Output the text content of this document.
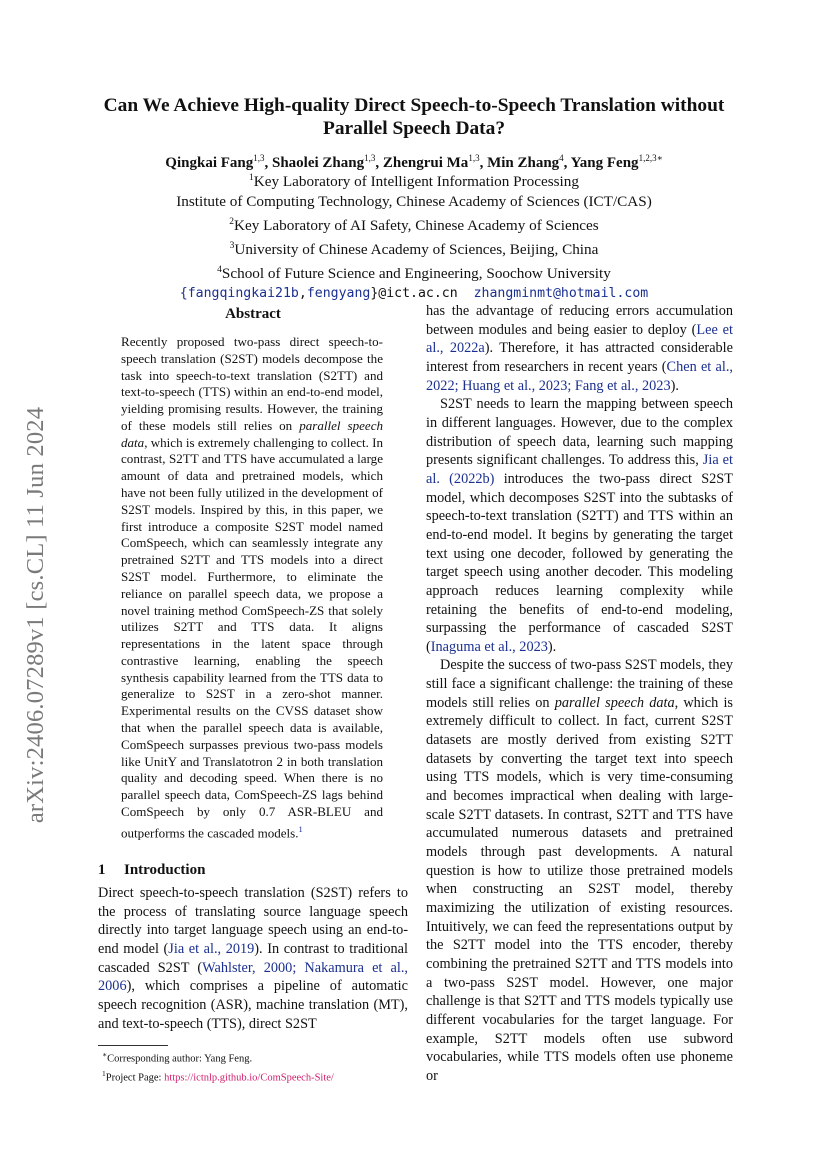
arXiv:2406.07289v1 [cs.CL] 11 Jun 2024
Can We Achieve High-quality Direct Speech-to-Speech Translation without
Parallel Speech Data?
Qingkai Fang$^{1,3}$, Shaolei Zhang$^{1,3}$, Zhengrui Ma$^{1,3}$, Min Zhang$^4$, Yang Feng$^{1,2,3∗}$
$^1$Key Laboratory of Intelligent Information Processing
Institute of Computing Technology, Chinese Academy of Sciences (ICT/CAS)
$^2$Key Laboratory of AI Safety, Chinese Academy of Sciences
$^3$University of Chinese Academy of Sciences, Beijing, China
$^4$School of Future Science and Engineering, Soochow University
{fangqingkai21b,fengyang}@ict.ac.cn zhangminmt@hotmail.com
Abstract

Recently proposed two-pass direct speech-to-speech translation (S2ST) models decompose the task into speech-to-text translation (S2TT) and text-to-speech (TTS) within an end-to-end model, yielding promising results. However, the training of these models still relies on parallel speech data, which is extremely challenging to collect. In contrast, S2TT and TTS have accumulated a large amount of data and pretrained models, which have not been fully utilized in the development of S2ST models. Inspired by this, in this paper, we first introduce a composite S2ST model named ComSpeech, which can seamlessly integrate any pretrained S2TT and TTS models into a direct S2ST model. Furthermore, to eliminate the reliance on parallel speech data, we propose a novel training method ComSpeech-ZS that solely utilizes S2TT and TTS data. It aligns representations in the latent space through contrastive learning, enabling the speech synthesis capability learned from the TTS data to generalize to S2ST in a zero-shot manner. Experimental results on the CVSS dataset show that when the parallel speech data is available, ComSpeech surpasses previous two-pass models like UnitY and Translatotron 2 in both translation quality and decoding speed. When there is no parallel speech data, ComSpeech-ZS lags behind ComSpeech by only 0.7 ASR-BLEU and outperforms the cascaded models.$^1$

1 Introduction

Direct speech-to-speech translation (S2ST) refers to the process of translating source language speech directly into target language speech using an end-to-end model (Jia et al., 2019). In contrast to traditional cascaded S2ST (Wahlster, 2000; Nakamura et al., 2006), which comprises a pipeline of automatic speech recognition (ASR), machine translation (MT), and text-to-speech (TTS), direct S2ST

∗Corresponding author: Yang Feng.

$^1$Project Page: https://ictnlp.github.io/ComSpeech-Site/

has the advantage of reducing errors accumulation between modules and being easier to deploy (Lee et al., 2022a). Therefore, it has attracted considerable interest from researchers in recent years (Chen et al., 2022; Huang et al., 2023; Fang et al., 2023).

S2ST needs to learn the mapping between speech in different languages. However, due to the complex distribution of speech data, learning such mapping presents significant challenges. To address this, Jia et al. (2022b) introduces the two-pass direct S2ST model, which decomposes S2ST into the subtasks of speech-to-text translation (S2TT) and TTS within an end-to-end model. It begins by generating the target text using one decoder, followed by generating the target speech using another decoder. This modeling approach reduces learning complexity while retaining the benefits of end-to-end modeling, surpassing the performance of cascaded S2ST (Inaguma et al., 2023).

Despite the success of two-pass S2ST models, they still face a significant challenge: the training of these models still relies on parallel speech data, which is extremely difficult to collect. In fact, current S2ST datasets are mostly derived from existing S2TT datasets by converting the target text into speech using TTS models, which is very time-consuming and becomes impractical when dealing with large-scale S2TT datasets. In contrast, S2TT and TTS have accumulated numerous datasets and pretrained models through past developments. A natural question is how to utilize those pretrained models when constructing an S2ST model, thereby maximizing the utilization of existing resources. Intuitively, we can feed the representations output by the S2TT model into the TTS encoder, thereby combining the pretrained S2TT and TTS models into a two-pass S2ST model. However, one major challenge is that S2TT and TTS models typically use different vocabularies for the target language. For example, S2TT models often use subword vocabularies, while TTS models often use phoneme or
